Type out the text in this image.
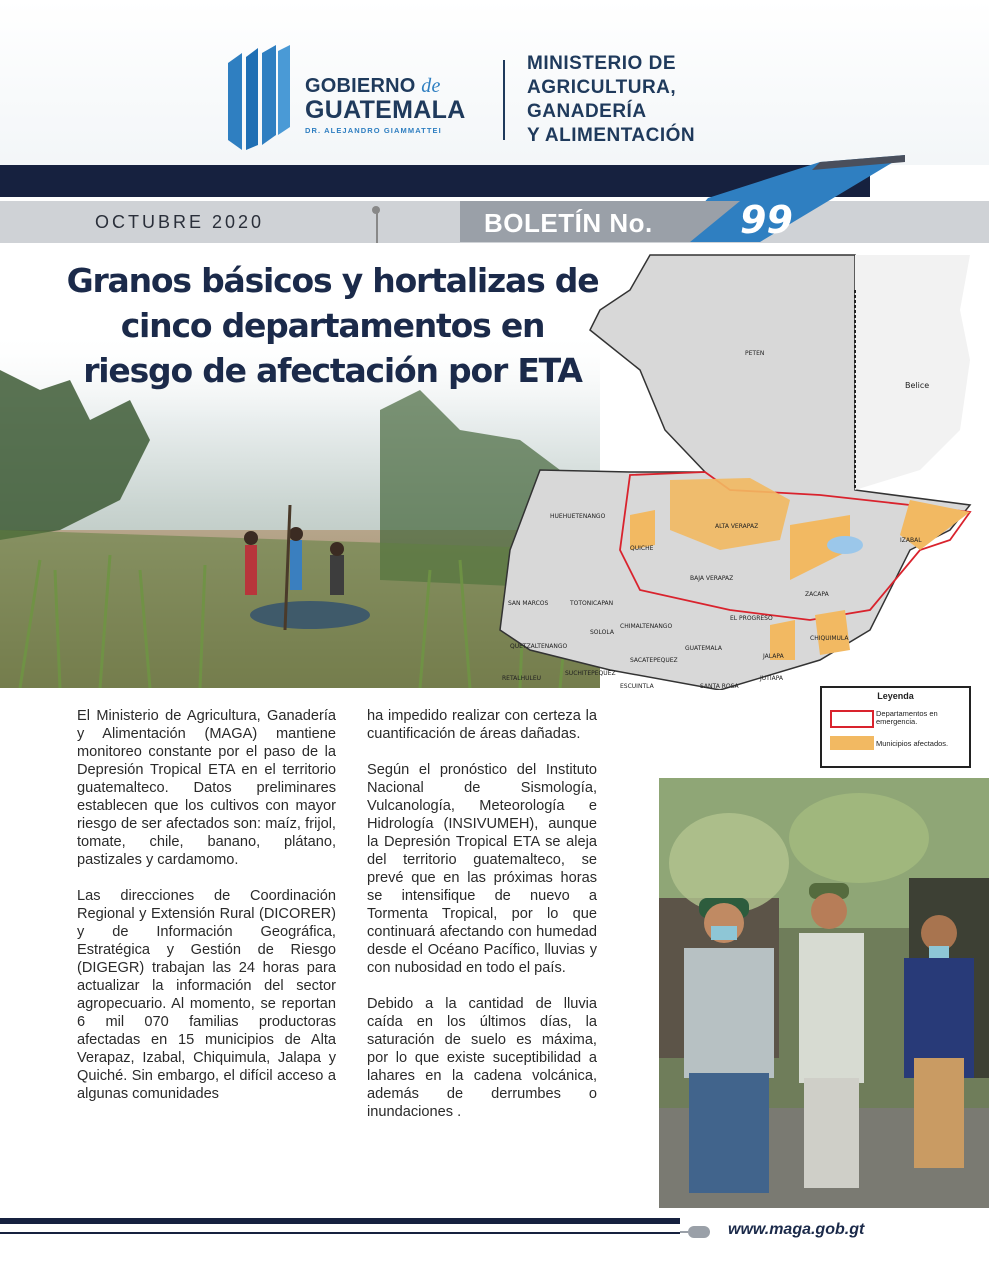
GOBIERNO de
GUATEMALA
DR. ALEJANDRO GIAMMATTEI
MINISTERIO DE
AGRICULTURA,
GANADERÍA
Y ALIMENTACIÓN
OCTUBRE 2020	BOLETÍN No. 99
PETEN
Belice
HUEHUETENANGO
QUICHE
ALTA VERAPAZ
IZABAL
BAJA VERAPAZ
SAN MARCOS	TOTONICAPAN
SOLOLA
CHIMALTENANGO
EL PROGRESO
ZACAPA
QUETZALTENANGO	GUATEMALA
JALAPA
CHIQUIMULA
RETALHULEU
SUCHITEPEQUEZ
SACATEPEQUEZ
ESCUINTLA	SANTA ROSA
JUTIAPA
Granos básicos y hortalizas de
cinco departamentos en
riesgo de afectación por ETA
Leyenda
Departamentos en emergencia.
Municipios afectados.

El Ministerio de Agricultura, Ganadería y Alimentación (MAGA) mantiene monitoreo constante por el paso de la Depresión Tropical ETA en el territorio guatemalteco. Datos preliminares establecen que los cultivos con mayor riesgo de ser afectados son: maíz, frijol, tomate, chile, banano, plátano, pastizales y cardamomo.

Las direcciones de Coordinación Regional y Extensión Rural (DICORER) y de Información Geográfica, Estratégica y Gestión de Riesgo (DIGEGR) trabajan las 24 horas para actualizar la información del sector agropecuario. Al momento, se reportan 6 mil 070 familias productoras afectadas en 15 municipios de Alta Verapaz, Izabal, Chiquimula, Jalapa y Quiché. Sin embargo, el difícil acceso a algunas comunidades

ha impedido realizar con certeza la cuantificación de áreas dañadas.

Según el pronóstico del Instituto Nacional de Sismología, Vulcanología, Meteorología e Hidrología (INSIVUMEH), aunque la Depresión Tropical ETA se aleja del territorio guatemalteco, se prevé que en las próximas horas se intensifique de nuevo a Tormenta Tropical, por lo que continuará afectando con humedad desde el Océano Pacífico, lluvias y con nubosidad en todo el país.

Debido a la cantidad de lluvia caída en los últimos días, la saturación de suelo es máxima, por lo que existe suceptibilidad a lahares en la cadena volcánica, además de derrumbes o inundaciones .

www.maga.gob.gt
